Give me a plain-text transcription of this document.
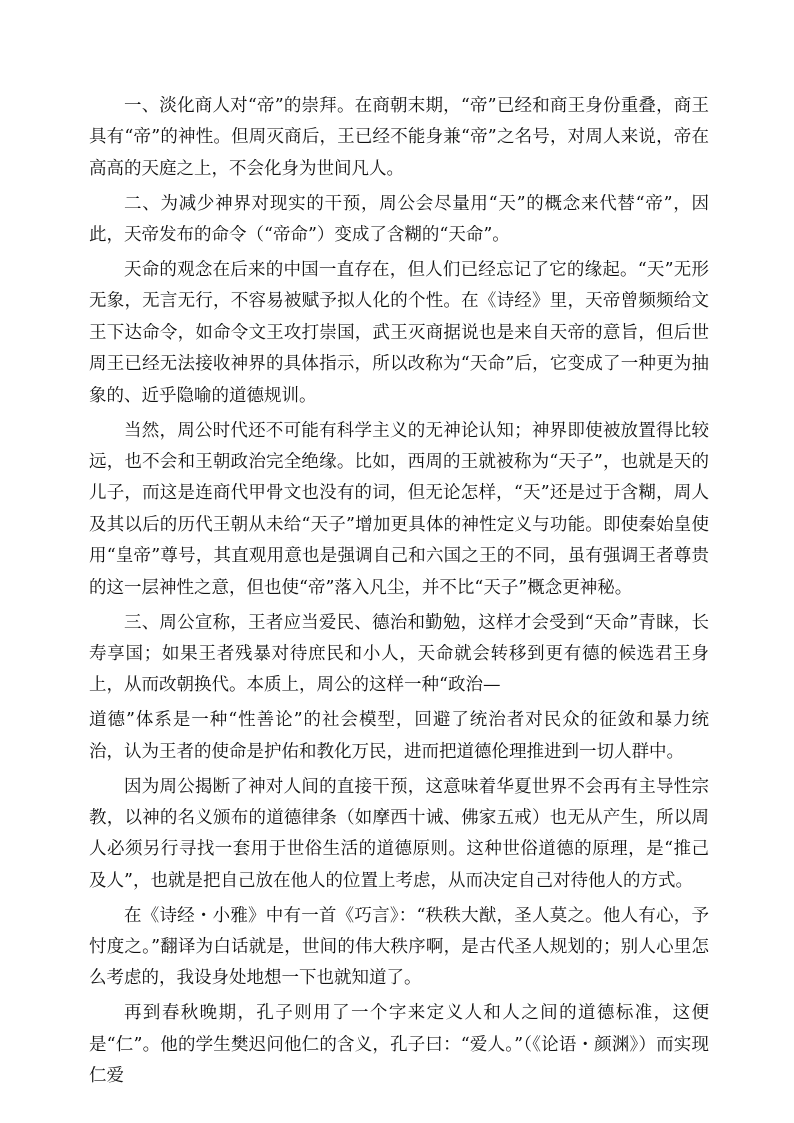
一、淡化商人对“帝”的崇拜。在商朝末期，“帝”已经和商王身份重叠，商王具有“帝”的神性。但周灭商后，王已经不能身兼“帝”之名号，对周人来说，帝在高高的天庭之上，不会化身为世间凡人。

二、为减少神界对现实的干预，周公会尽量用“天”的概念来代替“帝”，因此，天帝发布的命令（“帝命”）变成了含糊的“天命”。

天命的观念在后来的中国一直存在，但人们已经忘记了它的缘起。“天”无形无象，无言无行，不容易被赋予拟人化的个性。在《诗经》里，天帝曾频频给文王下达命令，如命令文王攻打崇国，武王灭商据说也是来自天帝的意旨，但后世周王已经无法接收神界的具体指示，所以改称为“天命”后，它变成了一种更为抽象的、近乎隐喻的道德规训。

当然，周公时代还不可能有科学主义的无神论认知；神界即使被放置得比较远，也不会和王朝政治完全绝缘。比如，西周的王就被称为“天子”，也就是天的儿子，而这是连商代甲骨文也没有的词，但无论怎样，“天”还是过于含糊，周人及其以后的历代王朝从未给“天子”增加更具体的神性定义与功能。即使秦始皇使用“皇帝”尊号，其直观用意也是强调自己和六国之王的不同，虽有强调王者尊贵的这一层神性之意，但也使“帝”落入凡尘，并不比“天子”概念更神秘。

三、周公宣称，王者应当爱民、德治和勤勉，这样才会受到“天命”青睐，长寿享国；如果王者残暴对待庶民和小人，天命就会转移到更有德的候选君王身上，从而改朝换代。本质上，周公的这样一种“政治—

道德”体系是一种“性善论”的社会模型，回避了统治者对民众的征敛和暴力统治，认为王者的使命是护佑和教化万民，进而把道德伦理推进到一切人群中。

因为周公揭断了神对人间的直接干预，这意味着华夏世界不会再有主导性宗教，以神的名义颁布的道德律条（如摩西十诫、佛家五戒）也无从产生，所以周人必须另行寻找一套用于世俗生活的道德原则。这种世俗道德的原理，是“推己及人”，也就是把自己放在他人的位置上考虑，从而决定自己对待他人的方式。

在《诗经・小雅》中有一首《巧言》：“秩秩大猷，圣人莫之。他人有心，予忖度之。”翻译为白话就是，世间的伟大秩序啊，是古代圣人规划的；别人心里怎么考虑的，我设身处地想一下也就知道了。

再到春秋晚期，孔子则用了一个字来定义人和人之间的道德标准，这便是“仁”。他的学生樊迟问他仁的含义，孔子曰：“爱人。”（《论语・颜渊》）而实现仁爱
